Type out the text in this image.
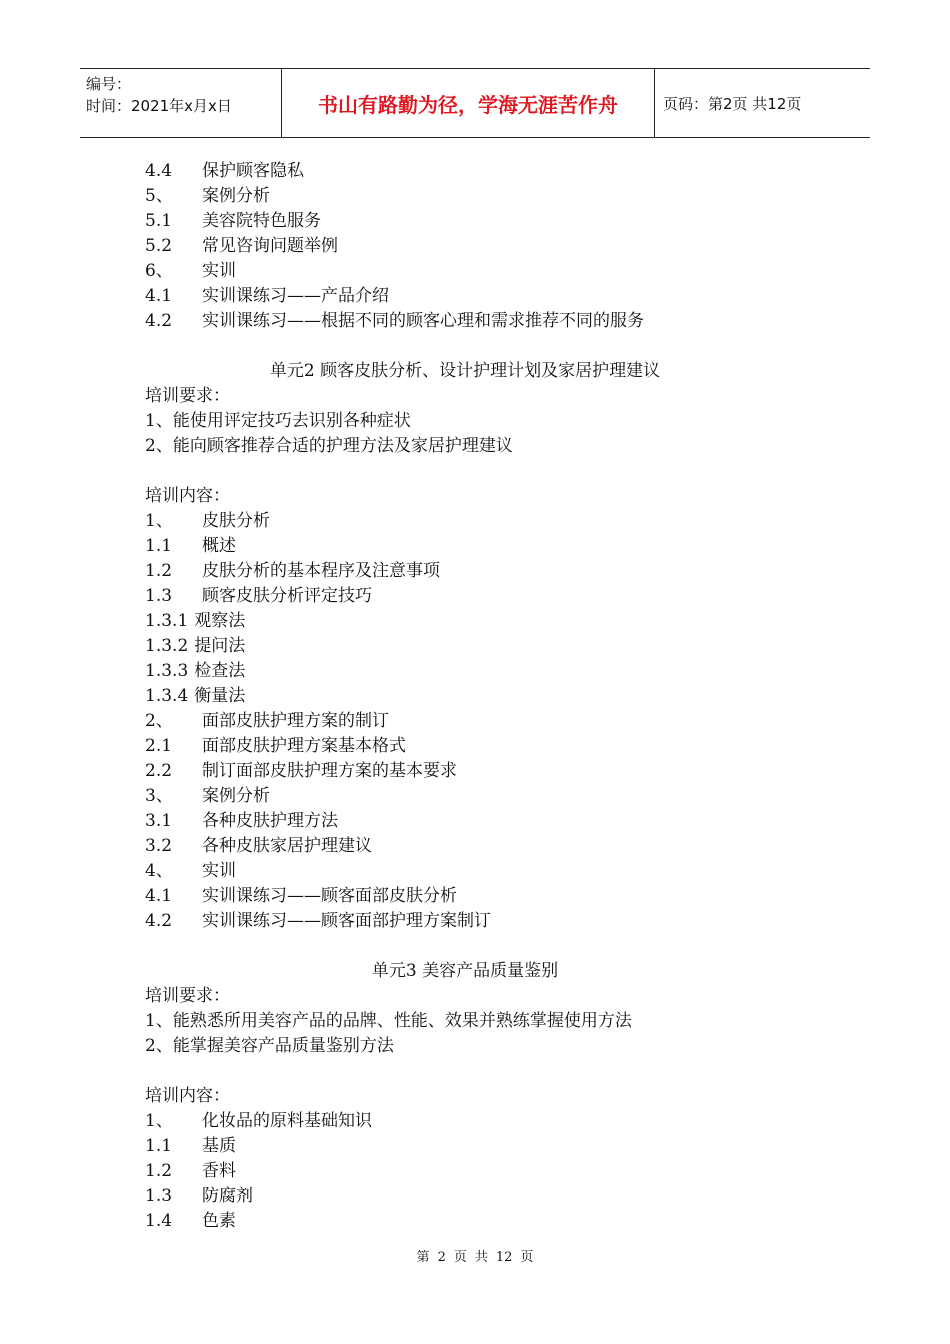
编号：
时间：2021年x月x日	书山有路勤为径，学海无涯苦作舟	页码：第2页 共12页
4.4 保护顾客隐私
5、 案例分析
5.1 美容院特色服务
5.2 常见咨询问题举例
6、 实训
4.1 实训课练习——产品介绍
4.2 实训课练习——根据不同的顾客心理和需求推荐不同的服务
单元2 顾客皮肤分析、设计护理计划及家居护理建议
培训要求：
1、能使用评定技巧去识别各种症状
2、能向顾客推荐合适的护理方法及家居护理建议
培训内容：
1、 皮肤分析
1.1 概述
1.2 皮肤分析的基本程序及注意事项
1.3 顾客皮肤分析评定技巧
1.3.1 观察法
1.3.2 提问法
1.3.3 检查法
1.3.4 衡量法
2、 面部皮肤护理方案的制订
2.1 面部皮肤护理方案基本格式
2.2 制订面部皮肤护理方案的基本要求
3、 案例分析
3.1 各种皮肤护理方法
3.2 各种皮肤家居护理建议
4、 实训
4.1 实训课练习——顾客面部皮肤分析
4.2 实训课练习——顾客面部护理方案制订
单元3 美容产品质量鉴别
培训要求：
1、能熟悉所用美容产品的品牌、性能、效果并熟练掌握使用方法
2、能掌握美容产品质量鉴别方法
培训内容：
1、 化妆品的原料基础知识
1.1 基质
1.2 香料
1.3 防腐剂
1.4 色素
第 2 页 共 12 页
